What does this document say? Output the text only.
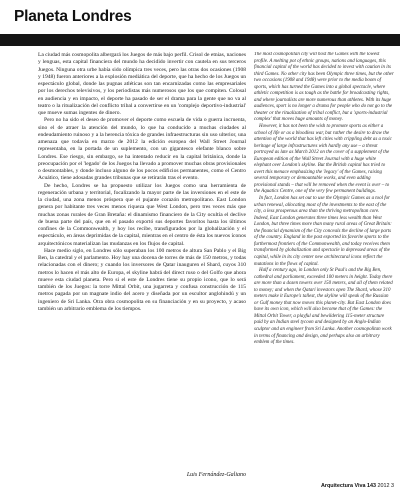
Planeta Londres

La ciudad más cosmopolita albergará los Juegos de más bajo perfil. Crisol de etnias, naciones y lenguas, esta capital financiera del mundo ha decidido invertir con cautela en sus terceros Juegos. Ninguna otra urbe había sido olímpica tres veces, pero las otras dos ocasiones (1908 y 1948) fueron anteriores a la explosión mediática del deporte, que ha hecho de los Juegos un espectáculo global, donde las pugnas atléticas son tan encarnizadas como las empresariales por los derechos televisivos, y los periodistas más numerosos que los que compiten. Colosal en audiencia y en impacto, el deporte ha pasado de ser el drama para la gente que no va al teatro o la ritualización del conflicto tribal a convertirse en un 'complejo deportivo-industrial' que mueve sumas ingentes de dinero.

Pero no ha sido el deseo de promover el deporte como escuela de vida o guerra incruenta, sino el de atraer la atención del mundo, lo que ha conducido a muchas ciudades al endeudamiento ruinoso y a la herencia tóxica de grandes infraestructuras sin uso ulterior, una amenaza que todavía en marzo de 2012 la edición europea del Wall Street Journal representaba, en la portada de un suplemento, con un gigantesco elefante blanco sobre Londres. Ese riesgo, sin embargo, se ha intentado reducir en la capital británica, donde la preocupación por el 'legado' de los Juegos ha llevado a promover muchas obras provisionales o desmontables, y donde incluso alguno de los pocos edificios permanentes, como el Centro Acuático, tiene adosadas grandes tribunas que se retirarán tras el evento.

De hecho, Londres se ha propuesto utilizar los Juegos como una herramienta de regeneración urbana y territorial, focalizando la mayor parte de las inversiones en el este de la ciudad, una zona menos próspera que el pujante corazón metropolitano. East London genera por habitante tres veces menos riqueza que West London, pero tres veces más que muchas zonas rurales de Gran Bretaña: el dinamismo financiero de la City ocultía el declive de buena parte del país, que en el pasado exportó sus deportes favoritos hasta los últimos confines de la Commonwealth, y hoy los recibe, transfigurados por la globalización y el espectáculo, en áreas deprimidas de la capital, mientras en el centro de ésta los nuevos íconos arquitectónicos materializan las mudanzas en los flujos de capital.

Hace medio siglo, en Londres sólo superaban los 100 metros de altura San Pablo y el Big Ben, la catedral y el parlamento. Hoy hay una docena de torres de más de 150 metros, y todas relacionadas con el dinero; y cuando los inversores de Qatar inauguren el Shard, cuyos 310 metros lo hacen el más alto de Europa, el skyline habrá del direct ruso o del Golfo que ahora mueve esta ciudad planeta. Pero si el este de Londres tiene su propio icono, que lo será también de los Juegos: la torre Mittal Orbit, una jugarreta y confusa construcción de 115 metros pagada por un magnate indio del acero y diseñada por un escultor anglohindú y un ingeniero de Sri Lanka. Otra obra cosmopolita en su financiación y en su proyecto, y acaso también un arbitrario emblema de los tiempos.

Luis Fernández-Galiano

The most cosmopolitan city will host the Games with the lowest profile. A melting pot of ethnic groups, nations and languages, this financial capital of the world has decided to invest with caution in its third Games. No other city has been Olympic three times, but the other two occasions (1908 and 1948) were prior to the media boom of sports, which has turned the Games into a global spectacle, where athletic competition is as tough as the battle for broadcasting rights, and where journalists are more numerous than athletes. With its huge audiences, sport is no longer a drama for people who do not go to the theater or the ritualization of tribal conflict, but a 'sports-industrial complex' that moves huge amounts of money.

However, it has not been the wish to promote sports as either a school of life or as a bloodless war, but rather the desire to draw the attention of the world that has left cities with crippling debt as a toxic heritage of large infrastructures with hardly any use – a threat portrayed as late as March 2012 on the cover of a supplement of the European edition of the Wall Street Journal with a huge white elephant over London's skyline. But the British capital has tried to avert this menace emphasizing the 'legacy' of the Games, raising several temporary or demountable works, and even adding provisional stands – that will be removed when the event is over – to the Aquatics Centre, one of the very few permanent buildings.

In fact, London has set out to use the Olympic Games as a tool for urban renewal, allocating most of the investments to the east of the city, a less prosperous area than the thriving metropolitan core. Indeed, East London generates three times less wealth than West London, but three times more than many rural areas of Great Britain: the financial dynamism of the City conceals the decline of large parts of the country. England in the past exported its favorite sports to the furthermost frontiers of the Commonwealth, and today receives them transformed by globalization and spectacle in depressed areas of the capital, while in its city center new architectural icons reflect the mutations in the flows of capital.

Half a century ago, in London only St Paul's and the Big Ben, cathedral and parliament, exceeded 100 meters in height. Today there are more than a dozen towers over 150 meters, and all of them related to money; and when the Qatari investors open The Shard, whose 310 meters make it Europe's tallest, the skyline will speak of the Russian or Gulf money that now moves this planet-city. But East London does have its own icon, which will also become that of the Games: the Mittal Orbit Tower, a playful and bewildering 115-meter structure paid by an Indian steel tycoon and designed by an Anglo-Indian sculptor and an engineer from Sri Lanka. Another cosmopolitan work in terms of financing and design, and perhaps also an arbitrary emblem of the times.

Arquitectura Viva 143 2012 3
